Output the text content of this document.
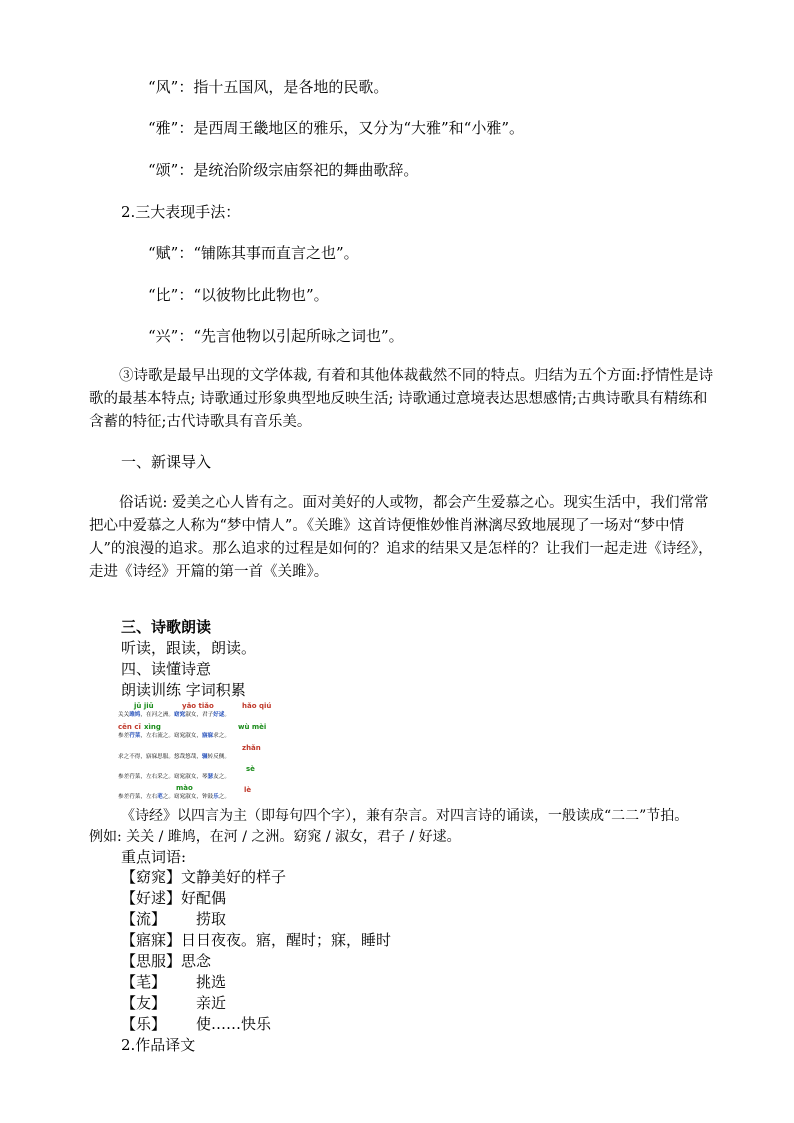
“风”：指十五国风，是各地的民歌。
“雅”：是西周王畿地区的雅乐，又分为“大雅”和“小雅”。
“颂”：是统治阶级宗庙祭祀的舞曲歌辞。
2.三大表现手法：
“赋”：“铺陈其事而直言之也”。
“比”：“以彼物比此物也”。
“兴”：“先言他物以引起所咏之词也”。
③诗歌是最早出现的文学体裁, 有着和其他体裁截然不同的特点。归结为五个方面:抒情性是诗歌的最基本特点; 诗歌通过形象典型地反映生活; 诗歌通过意境表达思想感情;古典诗歌具有精练和含蓄的特征;古代诗歌具有音乐美。
一、新课导入
俗话说: 爱美之心人皆有之。面对美好的人或物，都会产生爱慕之心。现实生活中，我们常常把心中爱慕之人称为“梦中情人”。《关雎》这首诗便惟妙惟肖淋漓尽致地展现了一场对“梦中情人”的浪漫的追求。那么追求的过程是如何的？追求的结果又是怎样的？让我们一起走进《诗经》，走进《诗经》开篇的第一首《关雎》。
三、诗歌朗读
听读，跟读，朗读。
四、读懂诗意
朗读训练 字词积累
jū jiū	yǎo tiǎo	hǎo qiú
关关雎鸠，在河之洲。窈窕淑女，君子好逑。
cēn cī xìng	wù mèi
参差荇菜，左右流之。窈窕淑女，寤寐求之。
zhǎn
求之不得，寤寐思服。悠哉悠哉，辗转反侧。
sè
参差荇菜，左右采之。窈窕淑女，琴瑟友之。
mào	lè
参差荇菜，左右芼之。窈窕淑女，钟鼓乐之。
《诗经》以四言为主（即每句四个字），兼有杂言。对四言诗的诵读，一般读成“二二”节拍。
例如: 关关 / 雎鸠，在河 / 之洲。窈窕 / 淑女，君子 / 好逑。
重点词语:
【窈窕】文静美好的样子
【好逑】好配偶
【流】 捞取
【寤寐】日日夜夜。寤，醒时；寐，睡时
【思服】思念
【芼】 挑选
【友】 亲近
【乐】 使……快乐
2.作品译文
